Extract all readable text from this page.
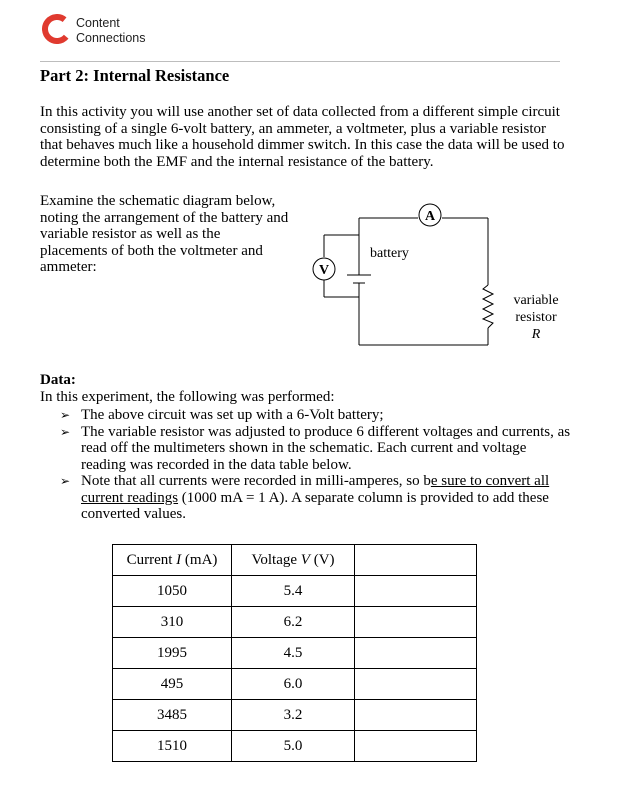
Content
Connections
Part 2: Internal Resistance

In this activity you will use another set of data collected from a different simple circuit consisting of a single 6-volt battery, an ammeter, a voltmeter, plus a variable resistor that behaves much like a household dimmer switch. In this case the data will be used to determine both the EMF and the internal resistance of the battery.

Examine the schematic diagram below, noting the arrangement of the battery and variable resistor as well as the placements of both the voltmeter and ammeter:

A
V
battery
variable
resistor
R

Data:

In this experiment, the following was performed:

➢ The above circuit was set up with a 6-Volt battery;
➢ The variable resistor was adjusted to produce 6 different voltages and currents, as read off the multimeters shown in the schematic. Each current and voltage reading was recorded in the data table below.
➢ Note that all currents were recorded in milli-amperes, so be sure to convert all current readings (1000 mA = 1 A). A separate column is provided to add these converted values.
Current I (mA)	Voltage V (V)	
1050	5.4	
310	6.2	
1995	4.5	
495	6.0	
3485	3.2	
1510	5.0	
